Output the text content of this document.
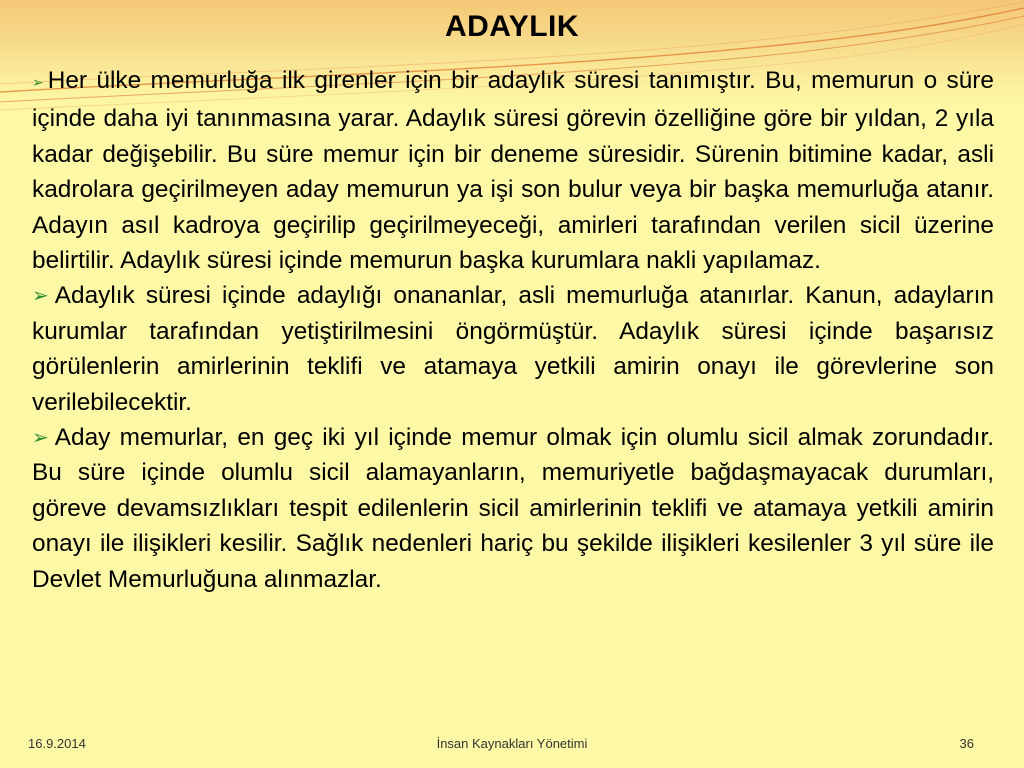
ADAYLIK

➢ Her ülke memurluğa ilk girenler için bir adaylık süresi tanımıştır. Bu, memurun o süre içinde daha iyi tanınmasına yarar. Adaylık süresi görevin özelliğine göre bir yıldan, 2 yıla kadar değişebilir. Bu süre memur için bir deneme süresidir. Sürenin bitimine kadar, asli kadrolara geçirilmeyen aday memurun ya işi son bulur veya bir başka memurluğa atanır. Adayın asıl kadroya geçirilip geçirilmeyeceği, amirleri tarafından verilen sicil üzerine belirtilir. Adaylık süresi içinde memurun başka kurumlara nakli yapılamaz.

➢ Adaylık süresi içinde adaylığı onananlar, asli memurluğa atanırlar. Kanun, adayların kurumlar tarafından yetiştirilmesini öngörmüştür. Adaylık süresi içinde başarısız görülenlerin amirlerinin teklifi ve atamaya yetkili amirin onayı ile görevlerine son verilebilecektir.

➢ Aday memurlar, en geç iki yıl içinde memur olmak için olumlu sicil almak zorundadır. Bu süre içinde olumlu sicil alamayanların, memuriyetle bağdaşmayacak durumları, göreve devamsızlıkları tespit edilenlerin sicil amirlerinin teklifi ve atamaya yetkili amirin onayı ile ilişikleri kesilir. Sağlık nedenleri hariç bu şekilde ilişikleri kesilenler 3 yıl süre ile Devlet Memurluğuna alınmazlar.

16.9.2014	İnsan Kaynakları Yönetimi	36
